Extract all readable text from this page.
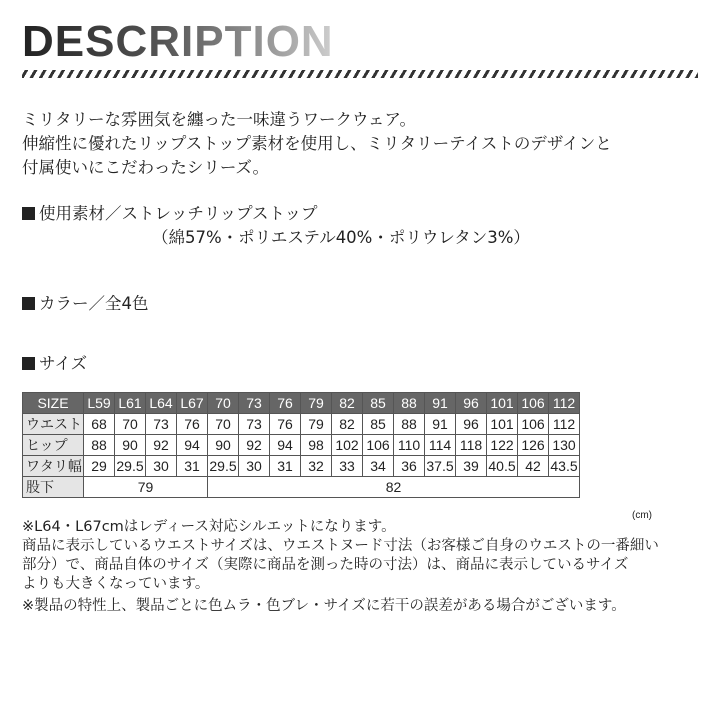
DESCRIPTION
ミリタリーな雰囲気を纏った一味違うワークウェア。
伸縮性に優れたリップストップ素材を使用し、ミリタリーテイストのデザインと
付属使いにこだわったシリーズ。
使用素材／ストレッチリップストップ
（綿57%・ポリエステル40%・ポリウレタン3%）
カラー／全4色
サイズ
SIZE	L59	L61	L64	L67	70	73	76	79	82	85	88	91	96	101	106	112
ウエスト	68	70	73	76	70	73	76	79	82	85	88	91	96	101	106	112
ヒップ	88	90	92	94	90	92	94	98	102	106	110	114	118	122	126	130
ワタリ幅	29	29.5	30	31	29.5	30	31	32	33	34	36	37.5	39	40.5	42	43.5
股下	79				82											
(cm)

※L64・L67cmはレディース対応シルエットになります。

商品に表示しているウエストサイズは、ウエストヌード寸法（お客様ご自身のウエストの一番細い

部分）で、商品自体のサイズ（実際に商品を測った時の寸法）は、商品に表示しているサイズ

よりも大きくなっています。

※製品の特性上、製品ごとに色ムラ・色ブレ・サイズに若干の誤差がある場合がございます。
